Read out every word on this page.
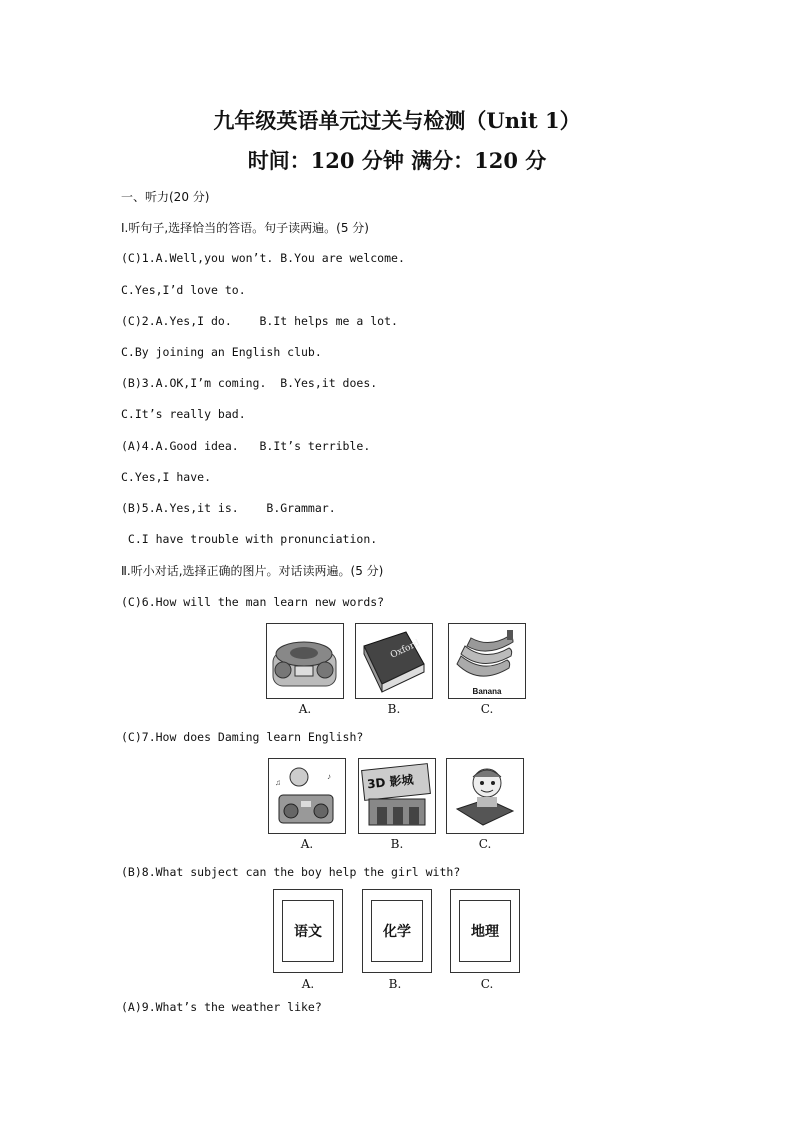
九年级英语单元过关与检测（Unit 1）
时间：120 分钟 满分：120 分
一、听力(20 分)
Ⅰ.听句子,选择恰当的答语。句子读两遍。(5 分)
(C)1.A.Well,you won’t. B.You are welcome.
C.Yes,I’d love to.
(C)2.A.Yes,I do.    B.It helps me a lot.
C.By joining an English club.
(B)3.A.OK,I’m coming.  B.Yes,it does.
C.It’s really bad.
(A)4.A.Good idea.   B.It’s terrible.
C.Yes,I have.
(B)5.A.Yes,it is.    B.Grammar.
C.I have trouble with pronunciation.
Ⅱ.听小对话,选择正确的图片。对话读两遍。(5 分)
(C)6.How will the man learn new words?
Oxford
Banana
A.	B.	C.
(C)7.How does Daming learn English?
♪
♫	3D 影城
A.	B.	C.
(B)8.What subject can the boy help the girl with?
语文	化学	地理
A.	B.	C.
(A)9.What’s the weather like?
